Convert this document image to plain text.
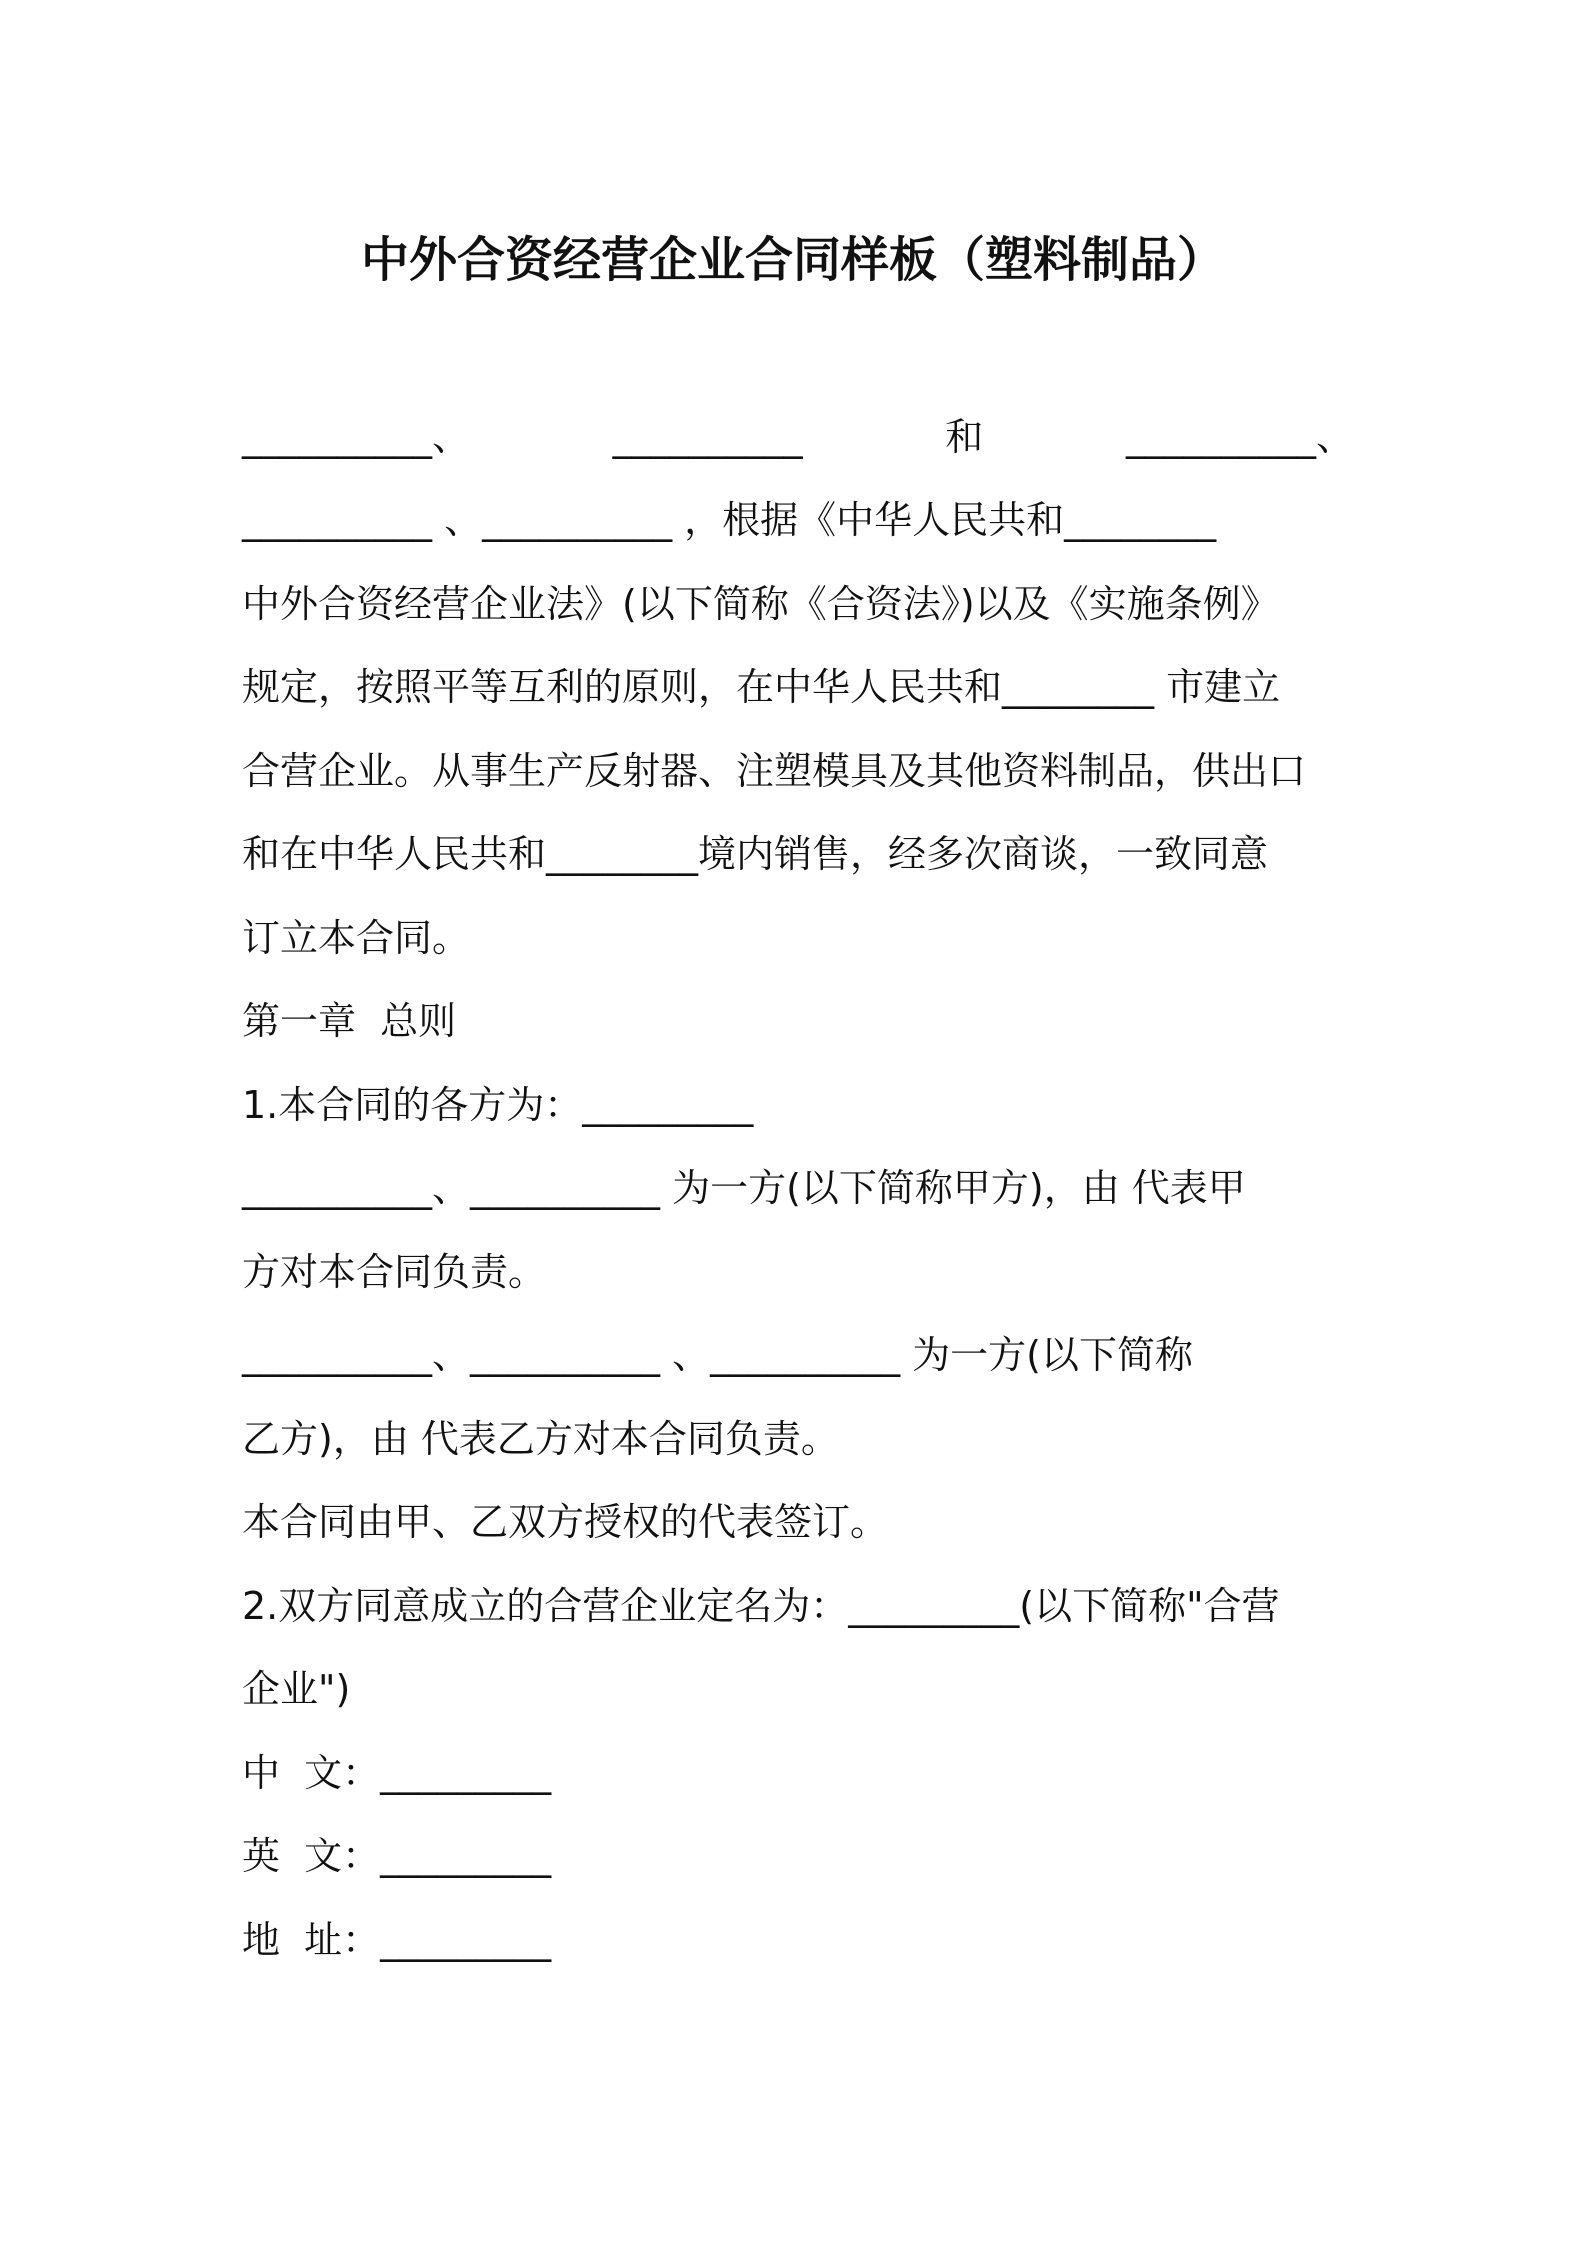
中外合资经营企业合同样板（塑料制品）
__________、	__________	和	__________、

__________ 、__________ ，根据《中华人民共和________

中外合资经营企业法》(以下简称《合资法》)以及《实施条例》

规定，按照平等互利的原则，在中华人民共和________ 市建立

合营企业。从事生产反射器、注塑模具及其他资料制品，供出口

和在中华人民共和________境内销售，经多次商谈，一致同意

订立本合同。

第一章  总则

1.本合同的各方为：_________

__________、__________ 为一方(以下简称甲方)，由 代表甲

方对本合同负责。

__________、__________ 、__________ 为一方(以下简称

乙方)，由 代表乙方对本合同负责。

本合同由甲、乙双方授权的代表签订。

2.双方同意成立的合营企业定名为：_________(以下简称"合营

企业")

中  文：_________

英  文：_________

地  址：_________
